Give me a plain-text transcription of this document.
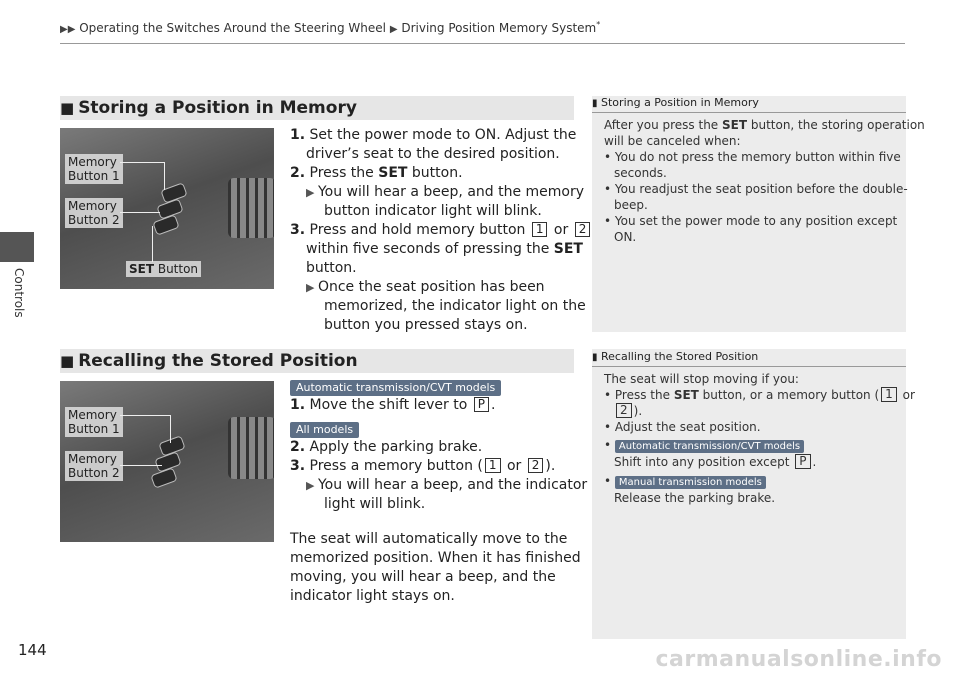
▶▶ Operating the Switches Around the Steering Wheel ▶ Driving Position Memory System*
Controls
■ Storing a Position in Memory
Memory
Button 1
Memory
Button 2
SET Button
1. Set the power mode to ON. Adjust the
driver’s seat to the desired position.
2. Press the SET button.
▶ You will hear a beep, and the memory
button indicator light will blink.
3. Press and hold memory button 1 or 2
within five seconds of pressing the SET
button.
▶ Once the seat position has been
memorized, the indicator light on the
button you pressed stays on.
▮ Storing a Position in Memory
After you press the SET button, the storing operation
will be canceled when:
• You do not press the memory button within five
seconds.
• You readjust the seat position before the double-
beep.
• You set the power mode to any position except
ON.
■ Recalling the Stored Position
Memory
Button 1
Memory
Button 2
Automatic transmission/CVT models
1. Move the shift lever to P .
2. Apply the parking brake.
3. Press a memory button ( 1 or 2 ).
▶ You will hear a beep, and the indicator
light will blink.
The seat will automatically move to the
memorized position. When it has finished
moving, you will hear a beep, and the
indicator light stays on.
All models
▮ Recalling the Stored Position
The seat will stop moving if you:
• Press the SET button, or a memory button ( 1 or
2 ).
• Adjust the seat position.
• Automatic transmission/CVT models
Shift into any position except P .
• Manual transmission models
Release the parking brake.
144	carmanualsonline.info
